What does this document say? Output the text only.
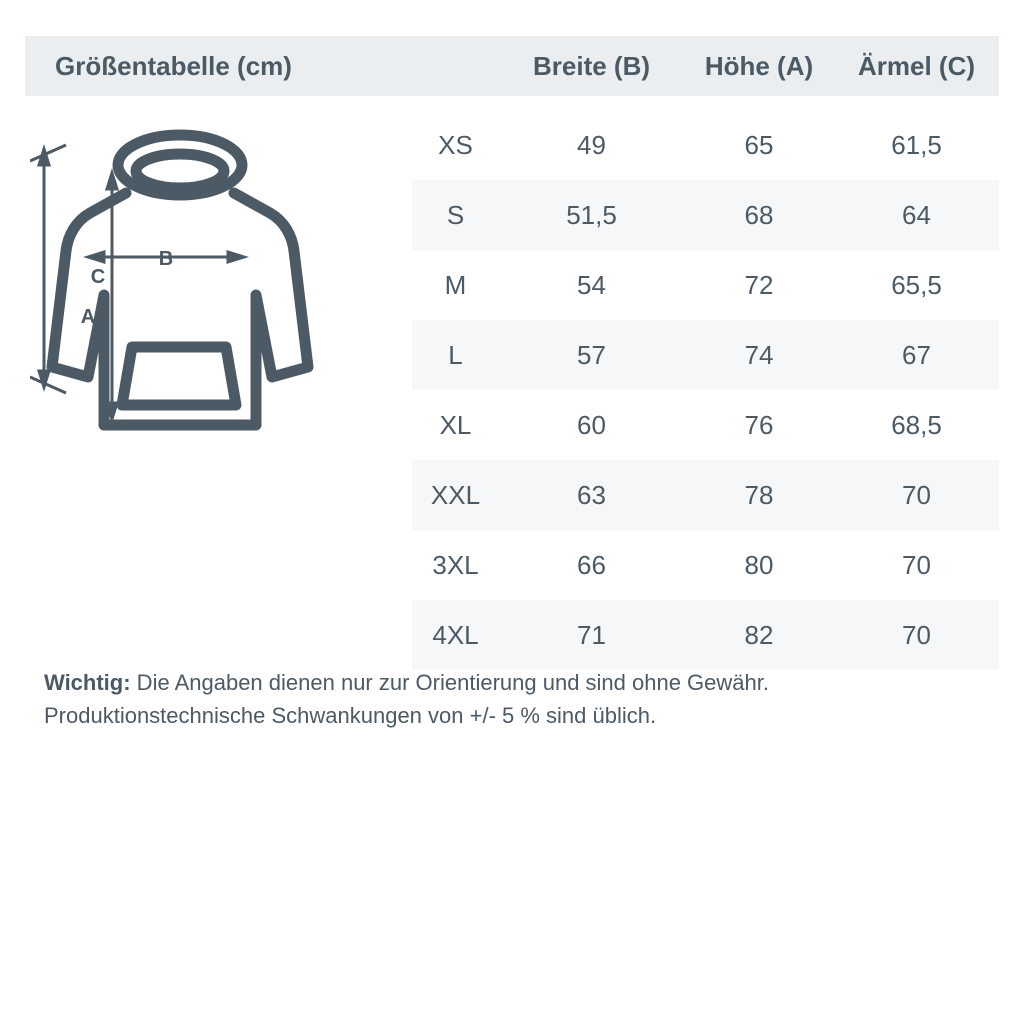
Größentabelle (cm)	Breite (B)	Höhe (A)	Ärmel (C)
C
A
B
XS	49	65	61,5
S	51,5	68	64
M	54	72	65,5
L	57	74	67
XL	60	76	68,5
XXL	63	78	70
3XL	66	80	70
4XL	71	82	70
Wichtig: Die Angaben dienen nur zur Orientierung und sind ohne Gewähr.
Produktionstechnische Schwankungen von +/- 5 % sind üblich.
